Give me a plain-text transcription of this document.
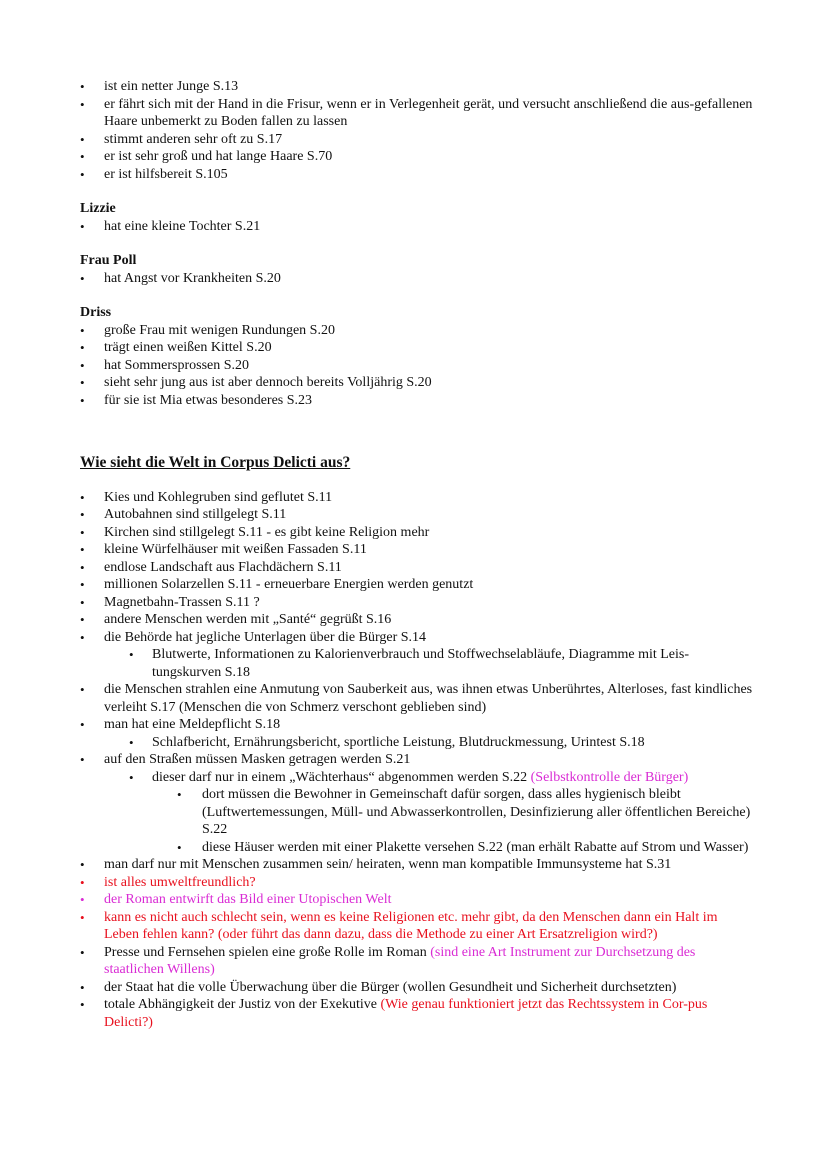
• ist ein netter Junge S.13
• er fährt sich mit der Hand in die Frisur, wenn er in Verlegenheit gerät, und versucht anschließend die aus-gefallenen Haare unbemerkt zu Boden fallen zu lassen
• stimmt anderen sehr oft zu S.17
• er ist sehr groß und hat lange Haare S.70
• er ist hilfsbereit S.105
Lizzie
• hat eine kleine Tochter S.21
Frau Poll
• hat Angst vor Krankheiten S.20
Driss
• große Frau mit wenigen Rundungen S.20
• trägt einen weißen Kittel S.20
• hat Sommersprossen S.20
• sieht sehr jung aus ist aber dennoch bereits Volljährig S.20
• für sie ist Mia etwas besonderes S.23
Wie sieht die Welt in Corpus Delicti aus?
• Kies und Kohlegruben sind geflutet S.11
• Autobahnen sind stillgelegt S.11
• Kirchen sind stillgelegt S.11 - es gibt keine Religion mehr
• kleine Würfelhäuser mit weißen Fassaden S.11
• endlose Landschaft aus Flachdächern S.11
• millionen Solarzellen S.11 - erneuerbare Energien werden genutzt
• Magnetbahn-Trassen S.11 ?
• andere Menschen werden mit „Santé“ gegrüßt S.16
• die Behörde hat jegliche Unterlagen über die Bürger S.14
• Blutwerte, Informationen zu Kalorienverbrauch und Stoffwechselabläufe, Diagramme mit Leis-tungskurven S.18
• die Menschen strahlen eine Anmutung von Sauberkeit aus, was ihnen etwas Unberührtes, Alterloses, fast kindliches verleiht S.17 (Menschen die von Schmerz verschont geblieben sind)
• man hat eine Meldepflicht S.18
• Schlafbericht, Ernährungsbericht, sportliche Leistung, Blutdruckmessung, Urintest S.18
• auf den Straßen müssen Masken getragen werden S.21
• dieser darf nur in einem „Wächterhaus“ abgenommen werden S.22 (Selbstkontrolle der Bürger)
• dort müssen die Bewohner in Gemeinschaft dafür sorgen, dass alles hygienisch bleibt (Luftwertemessungen, Müll- und Abwasserkontrollen, Desinfizierung aller öffentlichen Bereiche) S.22
• diese Häuser werden mit einer Plakette versehen S.22 (man erhält Rabatte auf Strom und Wasser)
• man darf nur mit Menschen zusammen sein/ heiraten, wenn man kompatible Immunsysteme hat S.31
• ist alles umweltfreundlich?
• der Roman entwirft das Bild einer Utopischen Welt
• kann es nicht auch schlecht sein, wenn es keine Religionen etc. mehr gibt, da den Menschen dann ein Halt im Leben fehlen kann? (oder führt das dann dazu, dass die Methode zu einer Art Ersatzreligion wird?)
• Presse und Fernsehen spielen eine große Rolle im Roman (sind eine Art Instrument zur Durchsetzung des staatlichen Willens)
• der Staat hat die volle Überwachung über die Bürger (wollen Gesundheit und Sicherheit durchsetzten)
• totale Abhängigkeit der Justiz von der Exekutive (Wie genau funktioniert jetzt das Rechtssystem in Cor-pus Delicti?)
